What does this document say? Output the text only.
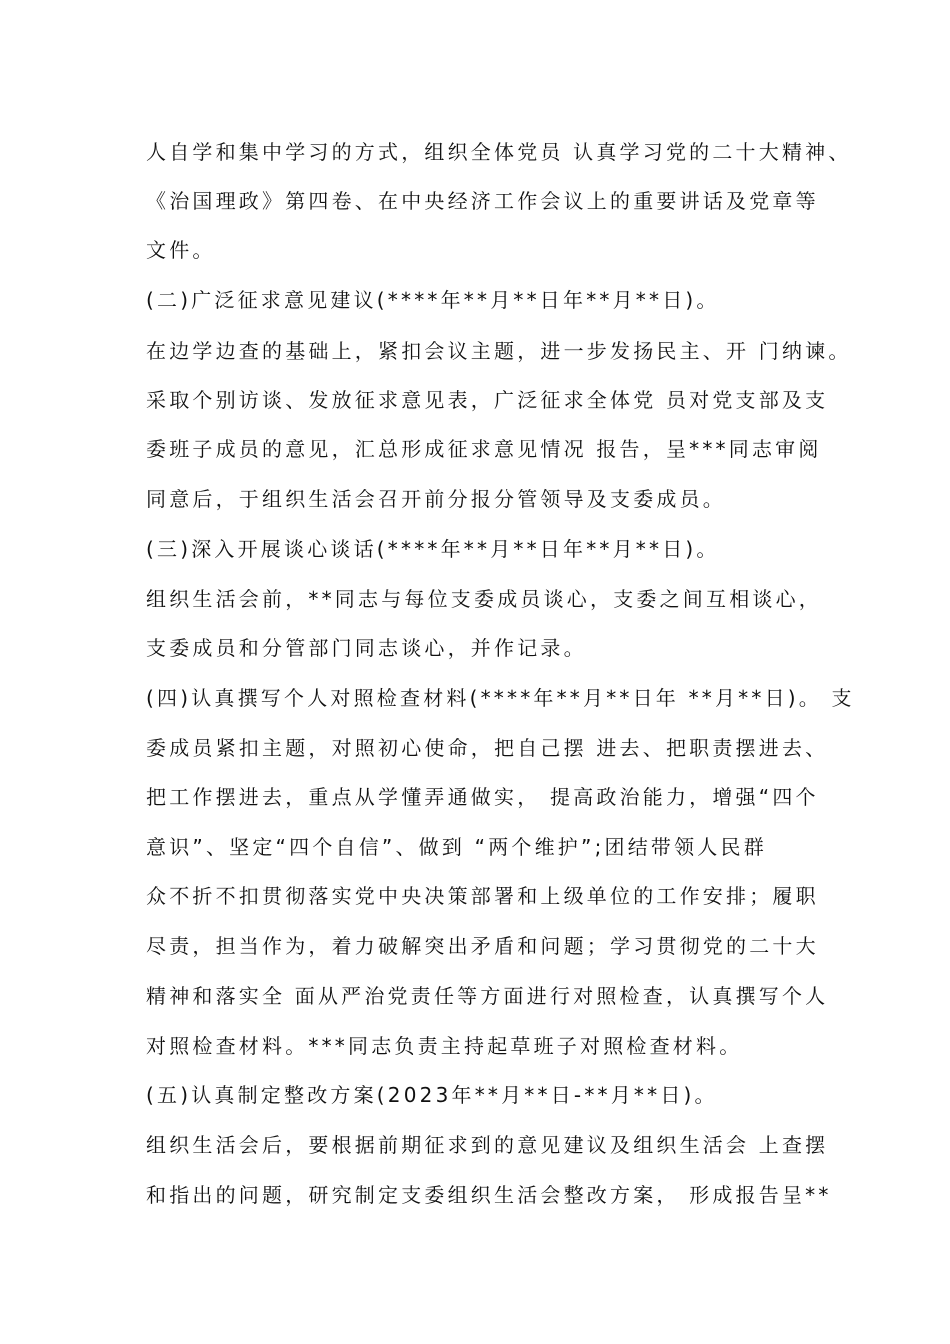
人自学和集中学习的方式，组织全体党员 认真学习党的二十大精神、
《治国理政》第四卷、在中央经济工作会议上的重要讲话及党章等
文件。
(二)广泛征求意见建议(****年**月**日年**月**日)。
在边学边查的基础上，紧扣会议主题，进一步发扬民主、开 门纳谏。
采取个别访谈、发放征求意见表，广泛征求全体党 员对党支部及支
委班子成员的意见，汇总形成征求意见情况 报告，呈***同志审阅
同意后，于组织生活会召开前分报分管领导及支委成员。
(三)深入开展谈心谈话(****年**月**日年**月**日)。
组织生活会前，**同志与每位支委成员谈心，支委之间互相谈心，
支委成员和分管部门同志谈心，并作记录。
(四)认真撰写个人对照检查材料(****年**月**日年 **月**日)。 支
委成员紧扣主题，对照初心使命，把自己摆 进去、把职责摆进去、
把工作摆进去，重点从学懂弄通做实， 提高政治能力，增强“四个
意识”、坚定“四个自信”、做到 “两个维护”;团结带领人民群
众不折不扣贯彻落实党中央决策部署和上级单位的工作安排；履职
尽责，担当作为，着力破解突出矛盾和问题；学习贯彻党的二十大
精神和落实全 面从严治党责任等方面进行对照检查，认真撰写个人
对照检查材料。***同志负责主持起草班子对照检查材料。
(五)认真制定整改方案(2023年**月**日-**月**日)。
组织生活会后，要根据前期征求到的意见建议及组织生活会 上查摆
和指出的问题，研究制定支委组织生活会整改方案， 形成报告呈**
